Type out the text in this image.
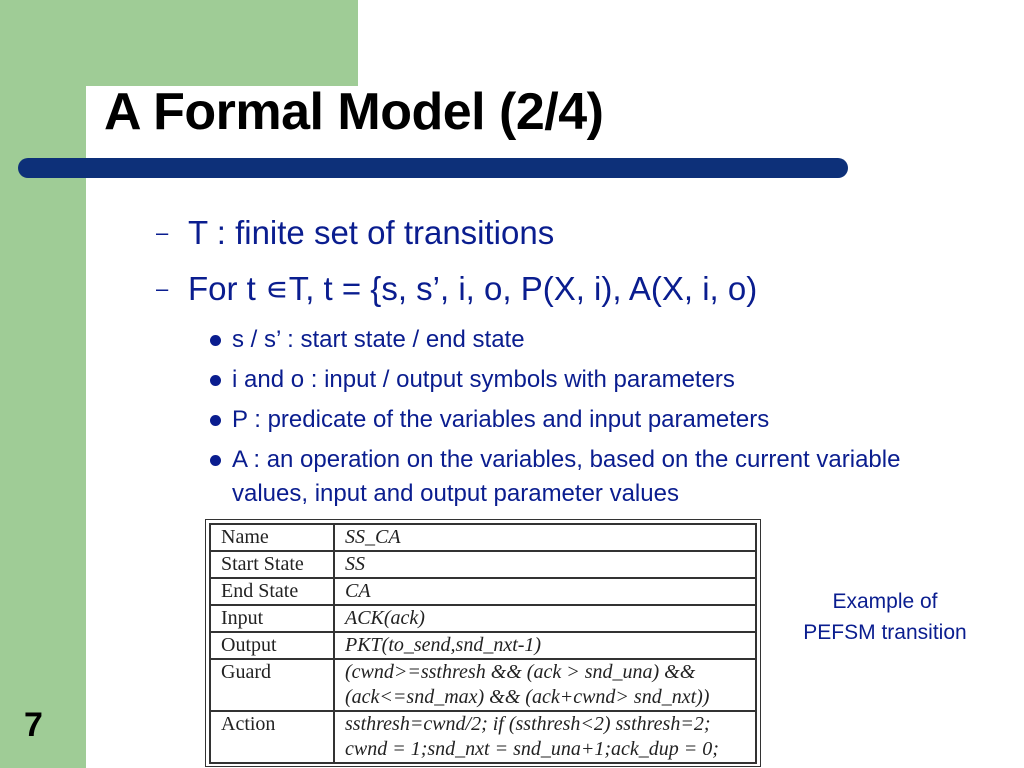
A Formal Model (2/4)
7
– T : finite set of transitions
– For t ∊T, t = {s, s’, i, o, P(X, i), A(X, i, o)
s / s’ : start state / end state
i and o : input / output symbols with parameters
P : predicate of the variables and input parameters
A : an operation on the variables, based on the current variable values, input and output parameter values
Name	SS_CA
Start State	SS
End State	CA
Input	ACK(ack)
Output	PKT(to_send,snd_nxt-1)
Guard	(cwnd>=ssthresh && (ack > snd_una) &&
(ack<=snd_max) && (ack+cwnd> snd_nxt))

Action	ssthresh=cwnd/2; if (ssthresh<2) ssthresh=2;
cwnd = 1;snd_nxt = snd_una+1;ack_dup = 0;
Example of
PEFSM transition
